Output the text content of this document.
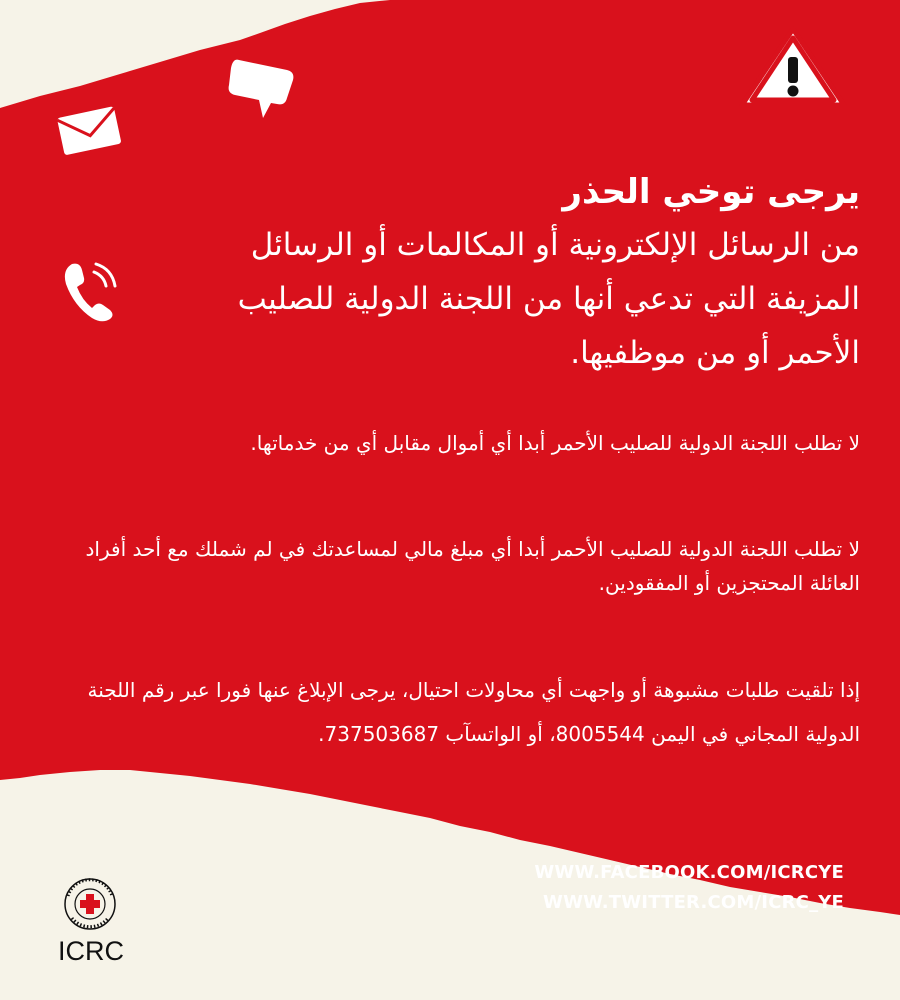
يرجى توخي الحذر
من الرسائل الإلكترونية أو المكالمات أو الرسائل المزيفة التي تدعي أنها من اللجنة الدولية للصليب الأحمر أو من موظفيها.
لا تطلب اللجنة الدولية للصليب الأحمر أبدا أي أموال مقابل أي من خدماتها.
لا تطلب اللجنة الدولية للصليب الأحمر أبدا أي مبلغ مالي لمساعدتك في لم شملك مع أحد أفراد العائلة المحتجزين أو المفقودين.
إذا تلقيت طلبات مشبوهة أو واجهت أي محاولات احتيال، يرجى الإبلاغ عنها فورا عبر رقم اللجنة الدولية المجاني في اليمن 8005544، أو الواتسآب 737503687.
WWW.FACEBOOK.COM/ICRCYE
WWW.TWITTER.COM/ICRC_YE
ICRC
